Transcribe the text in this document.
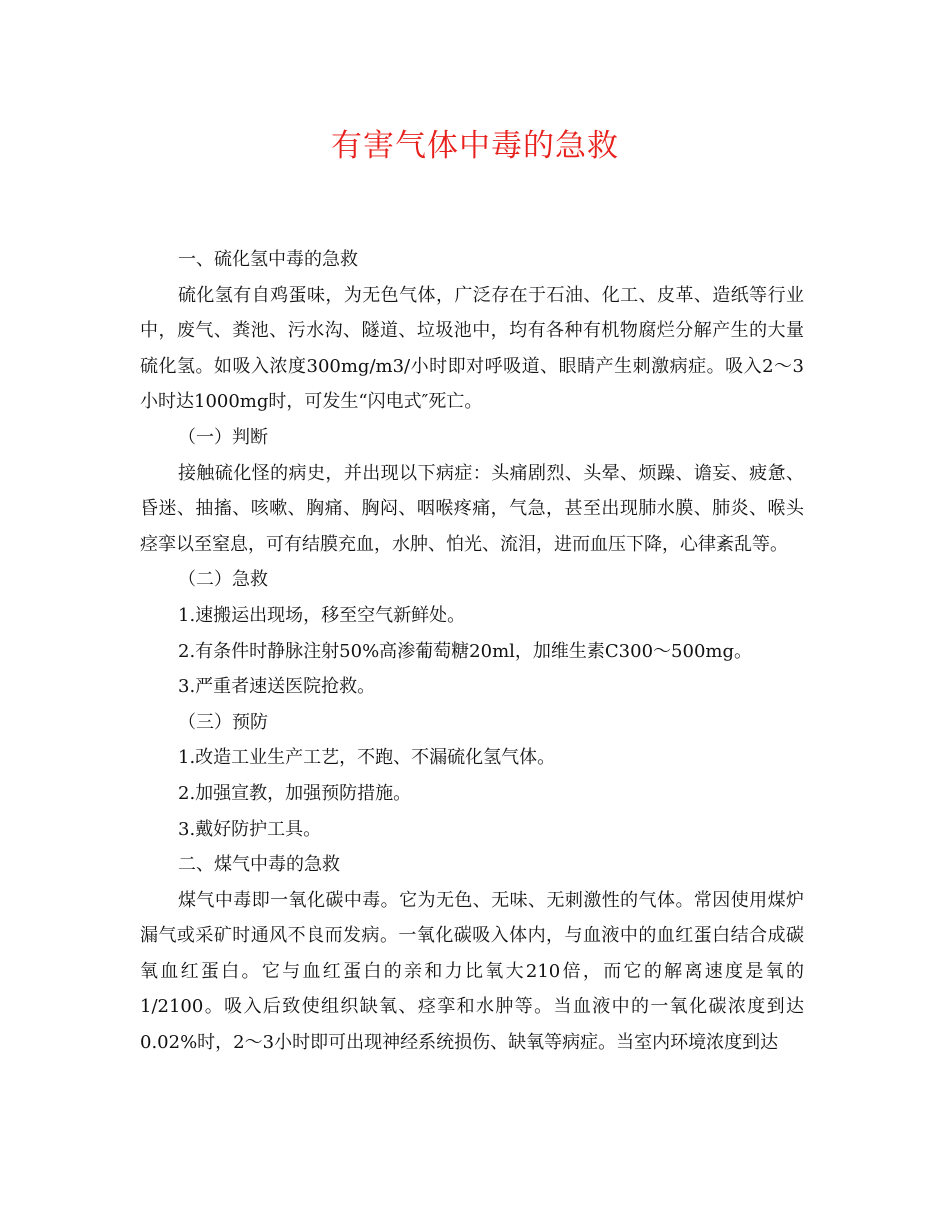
有害气体中毒的急救

一、硫化氢中毒的急救

硫化氢有自鸡蛋味，为无色气体，广泛存在于石油、化工、皮革、造纸等行业中，废气、粪池、污水沟、隧道、垃圾池中，均有各种有机物腐烂分解产生的大量硫化氢。如吸入浓度300mg/m3/小时即对呼吸道、眼睛产生刺激病症。吸入2～3小时达1000mg时，可发生“闪电式″死亡。

（一）判断

接触硫化怪的病史，并出现以下病症：头痛剧烈、头晕、烦躁、谵妄、疲惫、昏迷、抽搐、咳嗽、胸痛、胸闷、咽喉疼痛，气急，甚至出现肺水膜、肺炎、喉头痉挛以至窒息，可有结膜充血，水肿、怕光、流泪，进而血压下降，心律紊乱等。

（二）急救

1.速搬运出现场，移至空气新鲜处。

2.有条件时静脉注射50%高渗葡萄糖20ml，加维生素C300～500mg。

3.严重者速送医院抢救。

（三）预防

1.改造工业生产工艺，不跑、不漏硫化氢气体。

2.加强宣教，加强预防措施。

3.戴好防护工具。

二、煤气中毒的急救

煤气中毒即一氧化碳中毒。它为无色、无味、无刺激性的气体。常因使用煤炉漏气或采矿时通风不良而发病。一氧化碳吸入体内，与血液中的血红蛋白结合成碳氧血红蛋白。它与血红蛋白的亲和力比氧大210倍，而它的解离速度是氧的1/2100。吸入后致使组织缺氧、痉挛和水肿等。当血液中的一氧化碳浓度到达0.02%时，2～3小时即可出现神经系统损伤、缺氧等病症。当室内环境浓度到达
